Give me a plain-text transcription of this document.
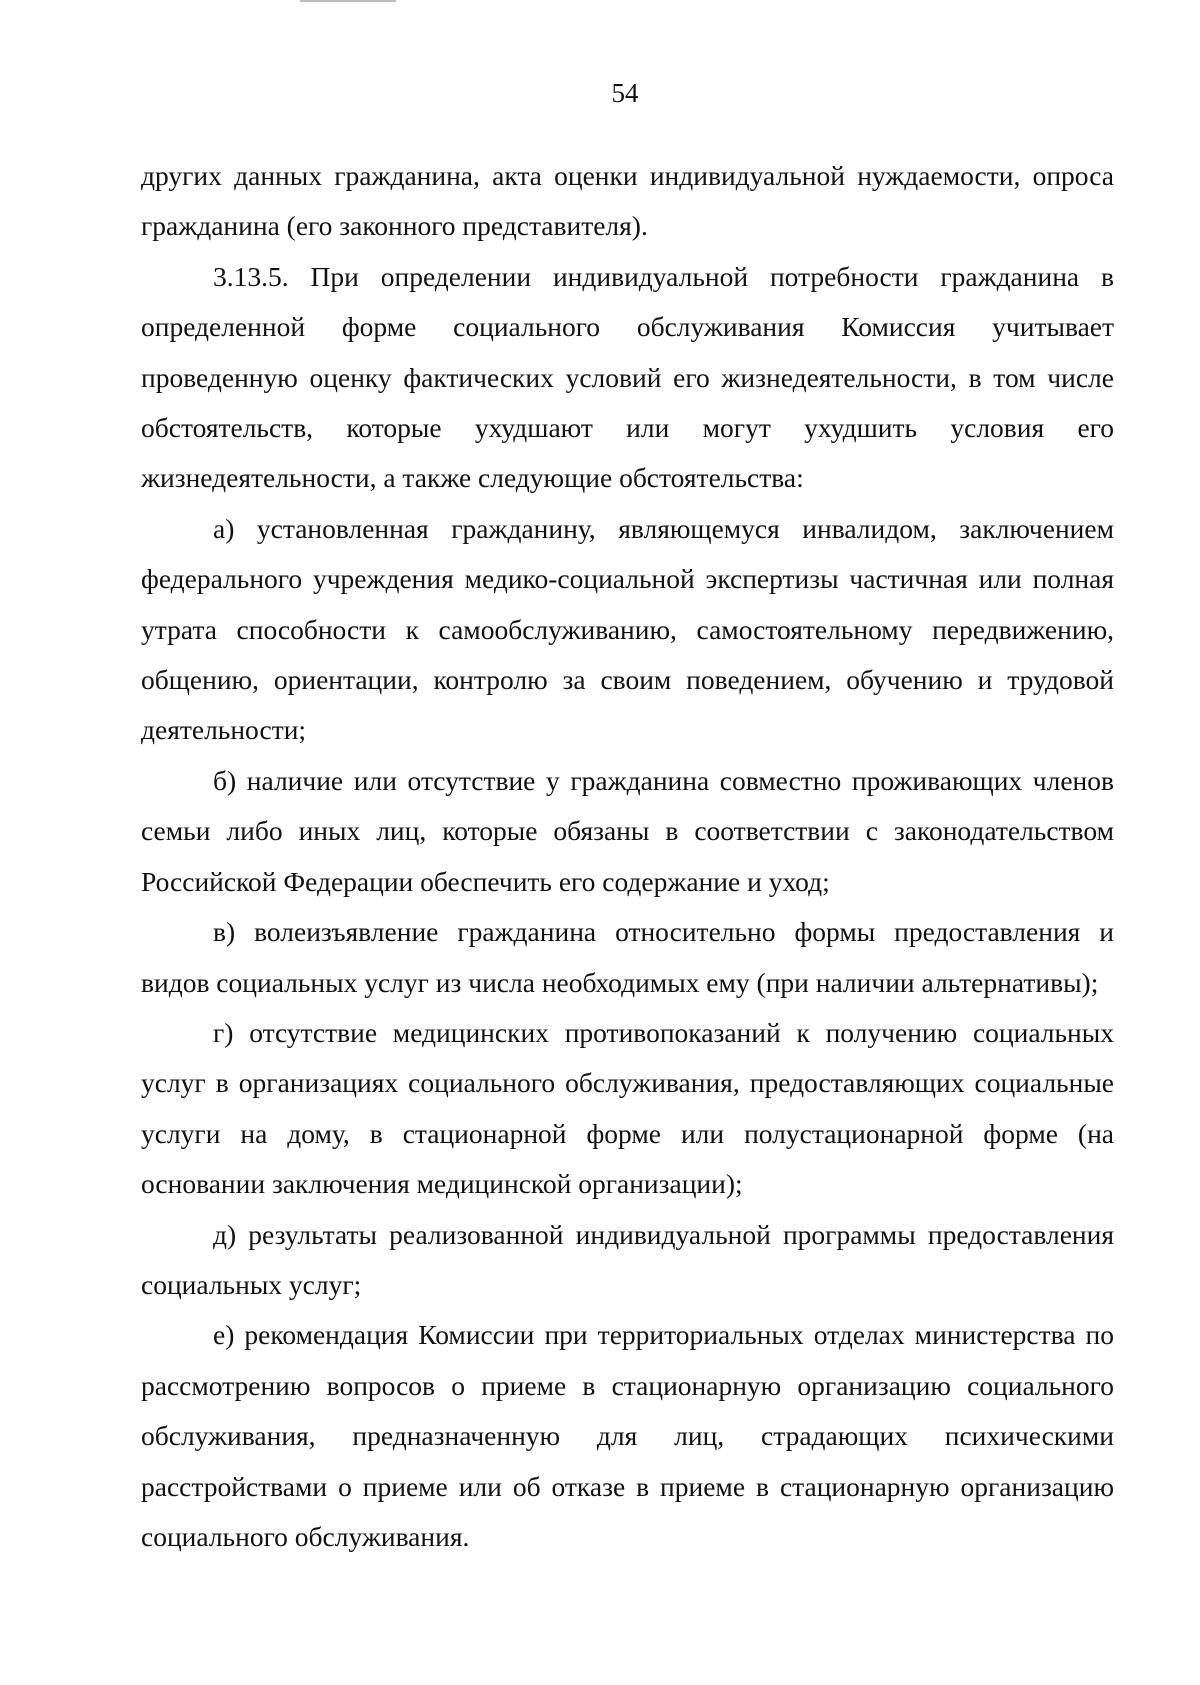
54

других данных гражданина, акта оценки индивидуальной нуждаемости, опроса гражданина (его законного представителя).

3.13.5. При определении индивидуальной потребности гражданина в определенной форме социального обслуживания Комиссия учитывает проведенную оценку фактических условий его жизнедеятельности, в том числе обстоятельств, которые ухудшают или могут ухудшить условия его жизнедеятельности, а также следующие обстоятельства:

а) установленная гражданину, являющемуся инвалидом, заключением федерального учреждения медико-социальной экспертизы частичная или полная утрата способности к самообслуживанию, самостоятельному передвижению, общению, ориентации, контролю за своим поведением, обучению и трудовой деятельности;

б) наличие или отсутствие у гражданина совместно проживающих членов семьи либо иных лиц, которые обязаны в соответствии с законодательством Российской Федерации обеспечить его содержание и уход;

в) волеизъявление гражданина относительно формы предоставления и видов социальных услуг из числа необходимых ему (при наличии альтернативы);

г) отсутствие медицинских противопоказаний к получению социальных услуг в организациях социального обслуживания, предоставляющих социальные услуги на дому, в стационарной форме или полустационарной форме (на основании заключения медицинской организации);

д) результаты реализованной индивидуальной программы предоставления социальных услуг;

е) рекомендация Комиссии при территориальных отделах министерства по рассмотрению вопросов о приеме в стационарную организацию социального обслуживания, предназначенную для лиц, страдающих психическими расстройствами о приеме или об отказе в приеме в стационарную организацию социального обслуживания.
